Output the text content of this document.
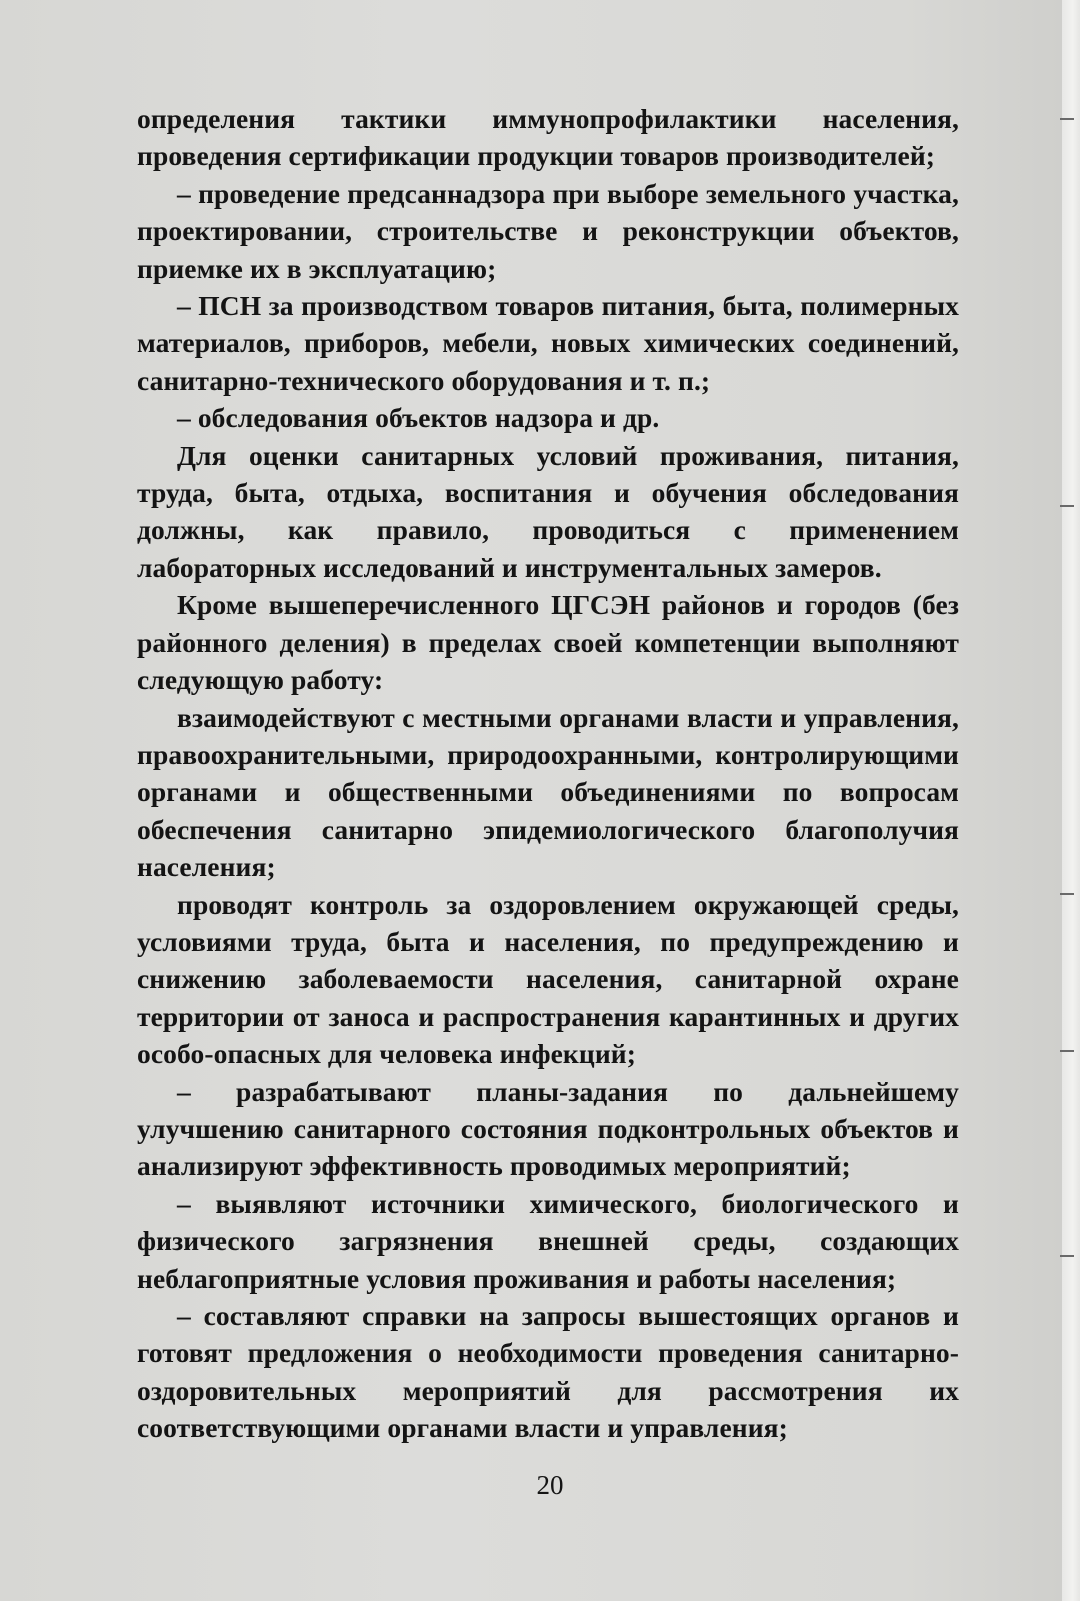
определения тактики иммунопрофилактики населения, проведения сертификации продукции товаров производителей;

– проведение предсаннадзора при выборе земельного участка, проектировании, строительстве и реконструкции объектов, приемке их в эксплуатацию;

– ПСН за производством товаров питания, быта, полимерных материалов, приборов, мебели, новых химических соединений, санитарно-технического оборудования и т. п.;

– обследования объектов надзора и др.

Для оценки санитарных условий проживания, питания, труда, быта, отдыха, воспитания и обучения обследования должны, как правило, проводиться с применением лабораторных исследований и инструментальных замеров.

Кроме вышеперечисленного ЦГСЭН районов и городов (без районного деления) в пределах своей компетенции выполняют следующую работу:

взаимодействуют с местными органами власти и управления, правоохранительными, природоохранными, контролирующими органами и общественными объединениями по вопросам обеспечения санитарно эпидемиологического благополучия населения;

проводят контроль за оздоровлением окружающей среды, условиями труда, быта и населения, по предупреждению и снижению заболеваемости населения, санитарной охране территории от заноса и распространения карантинных и других особо-опасных для человека инфекций;

– разрабатывают планы-задания по дальнейшему улучшению санитарного состояния подконтрольных объектов и анализируют эффективность проводимых мероприятий;

– выявляют источники химического, биологического и физического загрязнения внешней среды, создающих неблагоприятные условия проживания и работы населения;

– составляют справки на запросы вышестоящих органов и готовят предложения о необходимости проведения санитарно-оздоровительных мероприятий для рассмотрения их соответствующими органами власти и управления;

20
